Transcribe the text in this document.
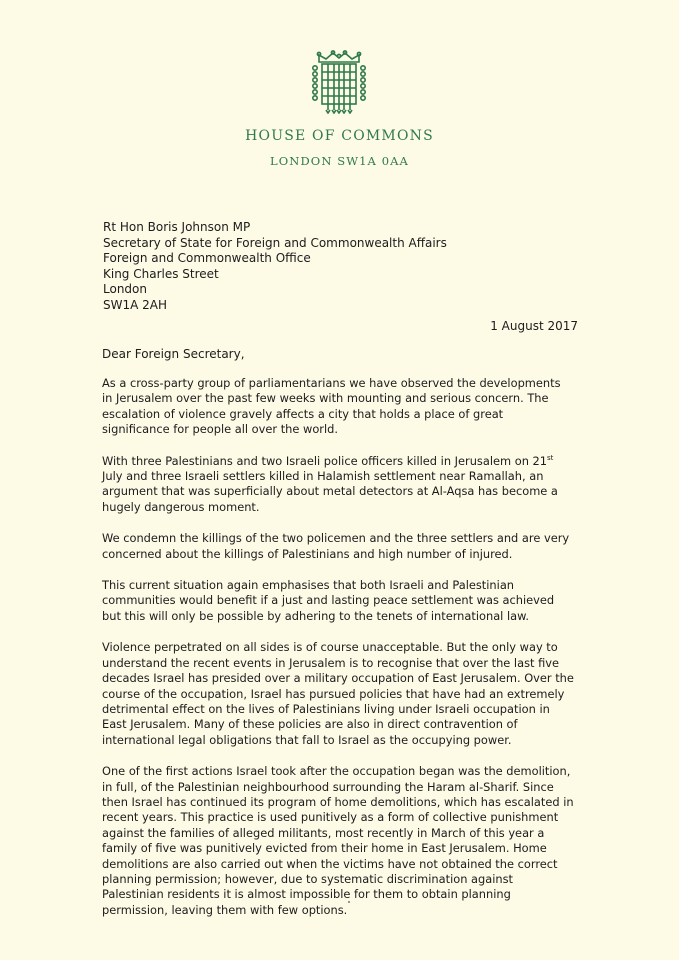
HOUSE OF COMMONS
LONDON SW1A 0AA
Rt Hon Boris Johnson MP
Secretary of State for Foreign and Commonwealth Affairs
Foreign and Commonwealth Office
King Charles Street
London
SW1A 2AH
1 August 2017
Dear Foreign Secretary,

As a cross-party group of parliamentarians we have observed the developments in Jerusalem over the past few weeks with mounting and serious concern. The escalation of violence gravely affects a city that holds a place of great significance for people all over the world.

With three Palestinians and two Israeli police officers killed in Jerusalem on 21st July and three Israeli settlers killed in Halamish settlement near Ramallah, an argument that was superficially about metal detectors at Al-Aqsa has become a hugely dangerous moment.

We condemn the killings of the two policemen and the three settlers and are very concerned about the killings of Palestinians and high number of injured.

This current situation again emphasises that both Israeli and Palestinian communities would benefit if a just and lasting peace settlement was achieved but this will only be possible by adhering to the tenets of international law.

Violence perpetrated on all sides is of course unacceptable. But the only way to understand the recent events in Jerusalem is to recognise that over the last five decades Israel has presided over a military occupation of East Jerusalem. Over the course of the occupation, Israel has pursued policies that have had an extremely detrimental effect on the lives of Palestinians living under Israeli occupation in East Jerusalem. Many of these policies are also in direct contravention of international legal obligations that fall to Israel as the occupying power.

One of the first actions Israel took after the occupation began was the demolition, in full, of the Palestinian neighbourhood surrounding the Haram al-Sharif. Since then Israel has continued its program of home demolitions, which has escalated in recent years. This practice is used punitively as a form of collective punishment against the families of alleged militants, most recently in March of this year a family of five was punitively evicted from their home in East Jerusalem. Home demolitions are also carried out when the victims have not obtained the correct planning permission; however, due to systematic discrimination against Palestinian residents it is almost impossible for them to obtain planning permission, leaving them with few options.
